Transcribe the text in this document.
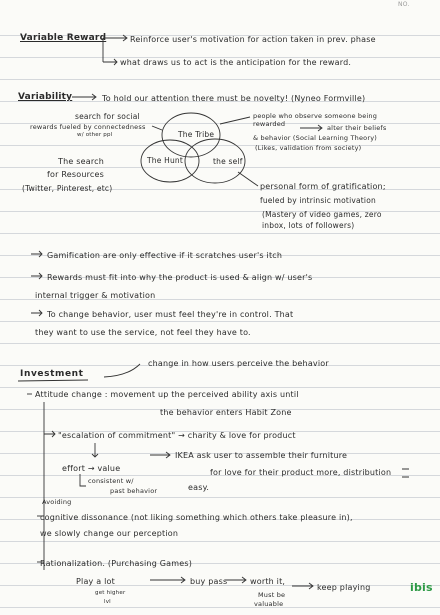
NO.
Variable Reward	Reinforce user's motivation for action taken in prev. phase
what draws us to act is the anticipation for the reward.
Variability	To hold our attention there must be novelty! (Nyneo Formville)
search for social
rewards fueled by connectedness
w/ other ppl
The search
for Resources
(Twitter, Pinterest, etc)
The Tribe
The Hunt	the self
people who observe someone being
rewarded	alter their beliefs
& behavior (Social Learning Theory)
(Likes, validation from society)
personal form of gratification;
fueled by intrinsic motivation
(Mastery of video games, zero
inbox, lots of followers)
Gamification are only effective if it scratches user's itch
Rewards must fit into why the product is used & align w/ user's
internal trigger & motivation
To change behavior, user must feel they're in control. That
they want to use the service, not feel they have to.
Investment
change in how users perceive the behavior
Attitude change : movement up the perceived ability axis until
the behavior enters Habit Zone
"escalation of commitment" → charity & love for product
IKEA ask user to assemble their furniture
effort → value	for love for their product more, distribution
consistent w/
past behavior	easy.
Avoiding
cognitive dissonance (not liking something which others take pleasure in),
we slowly change our perception
Rationalization. (Purchasing Games)
Play a lot	buy pass	worth it,
keep playing
get higher
lvl
Must be
valuable
ibis
